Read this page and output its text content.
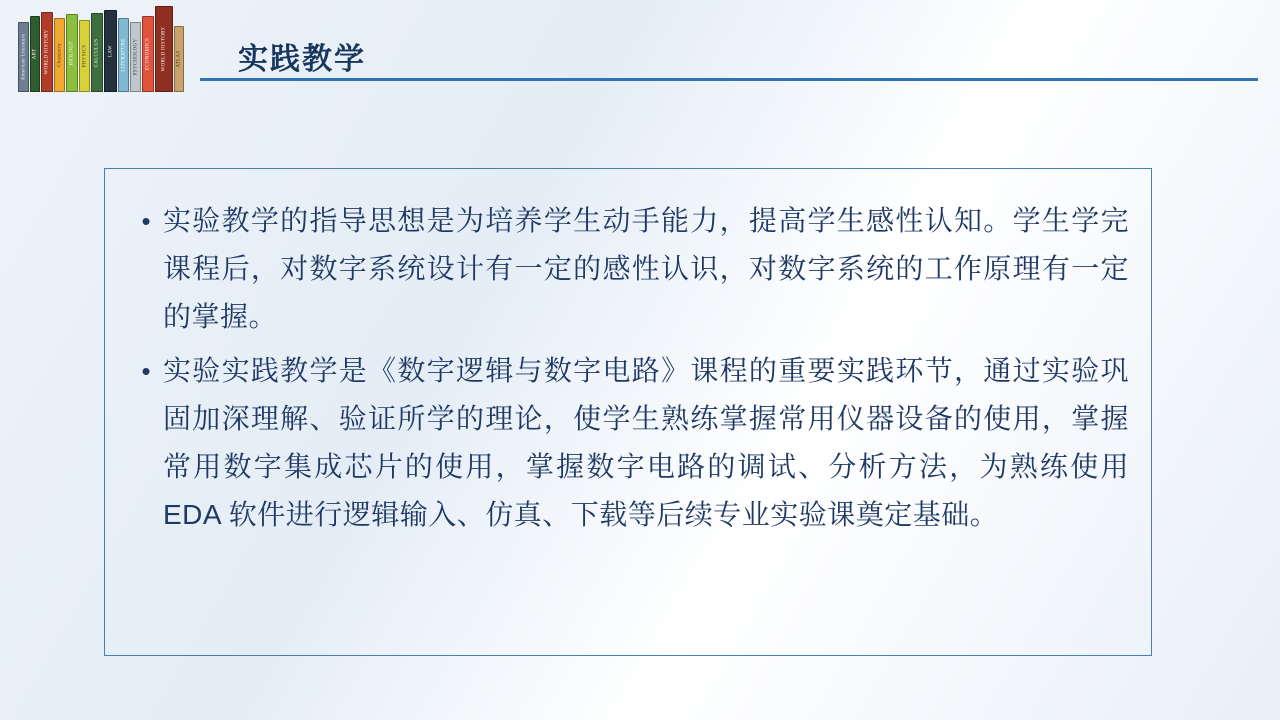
American Literature ART WORLD HISTORY Chemistry BIOLOGY PHYSICS CALCULUS LAW LITERATURE PSYCHOLOGY ECONOMICS WORLD HISTORY ATLAS 实践教学
• 实验教学的指导思想是为培养学生动手能力，提高学生感性认知。学生学完课程后，对数字系统设计有一定的感性认识，对数字系统的工作原理有一定的掌握。
• 实验实践教学是《数字逻辑与数字电路》课程的重要实践环节，通过实验巩固加深理解、验证所学的理论，使学生熟练掌握常用仪器设备的使用，掌握常用数字集成芯片的使用，掌握数字电路的调试、分析方法，为熟练使用 EDA 软件进行逻辑输入、仿真、下载等后续专业实验课奠定基础。
